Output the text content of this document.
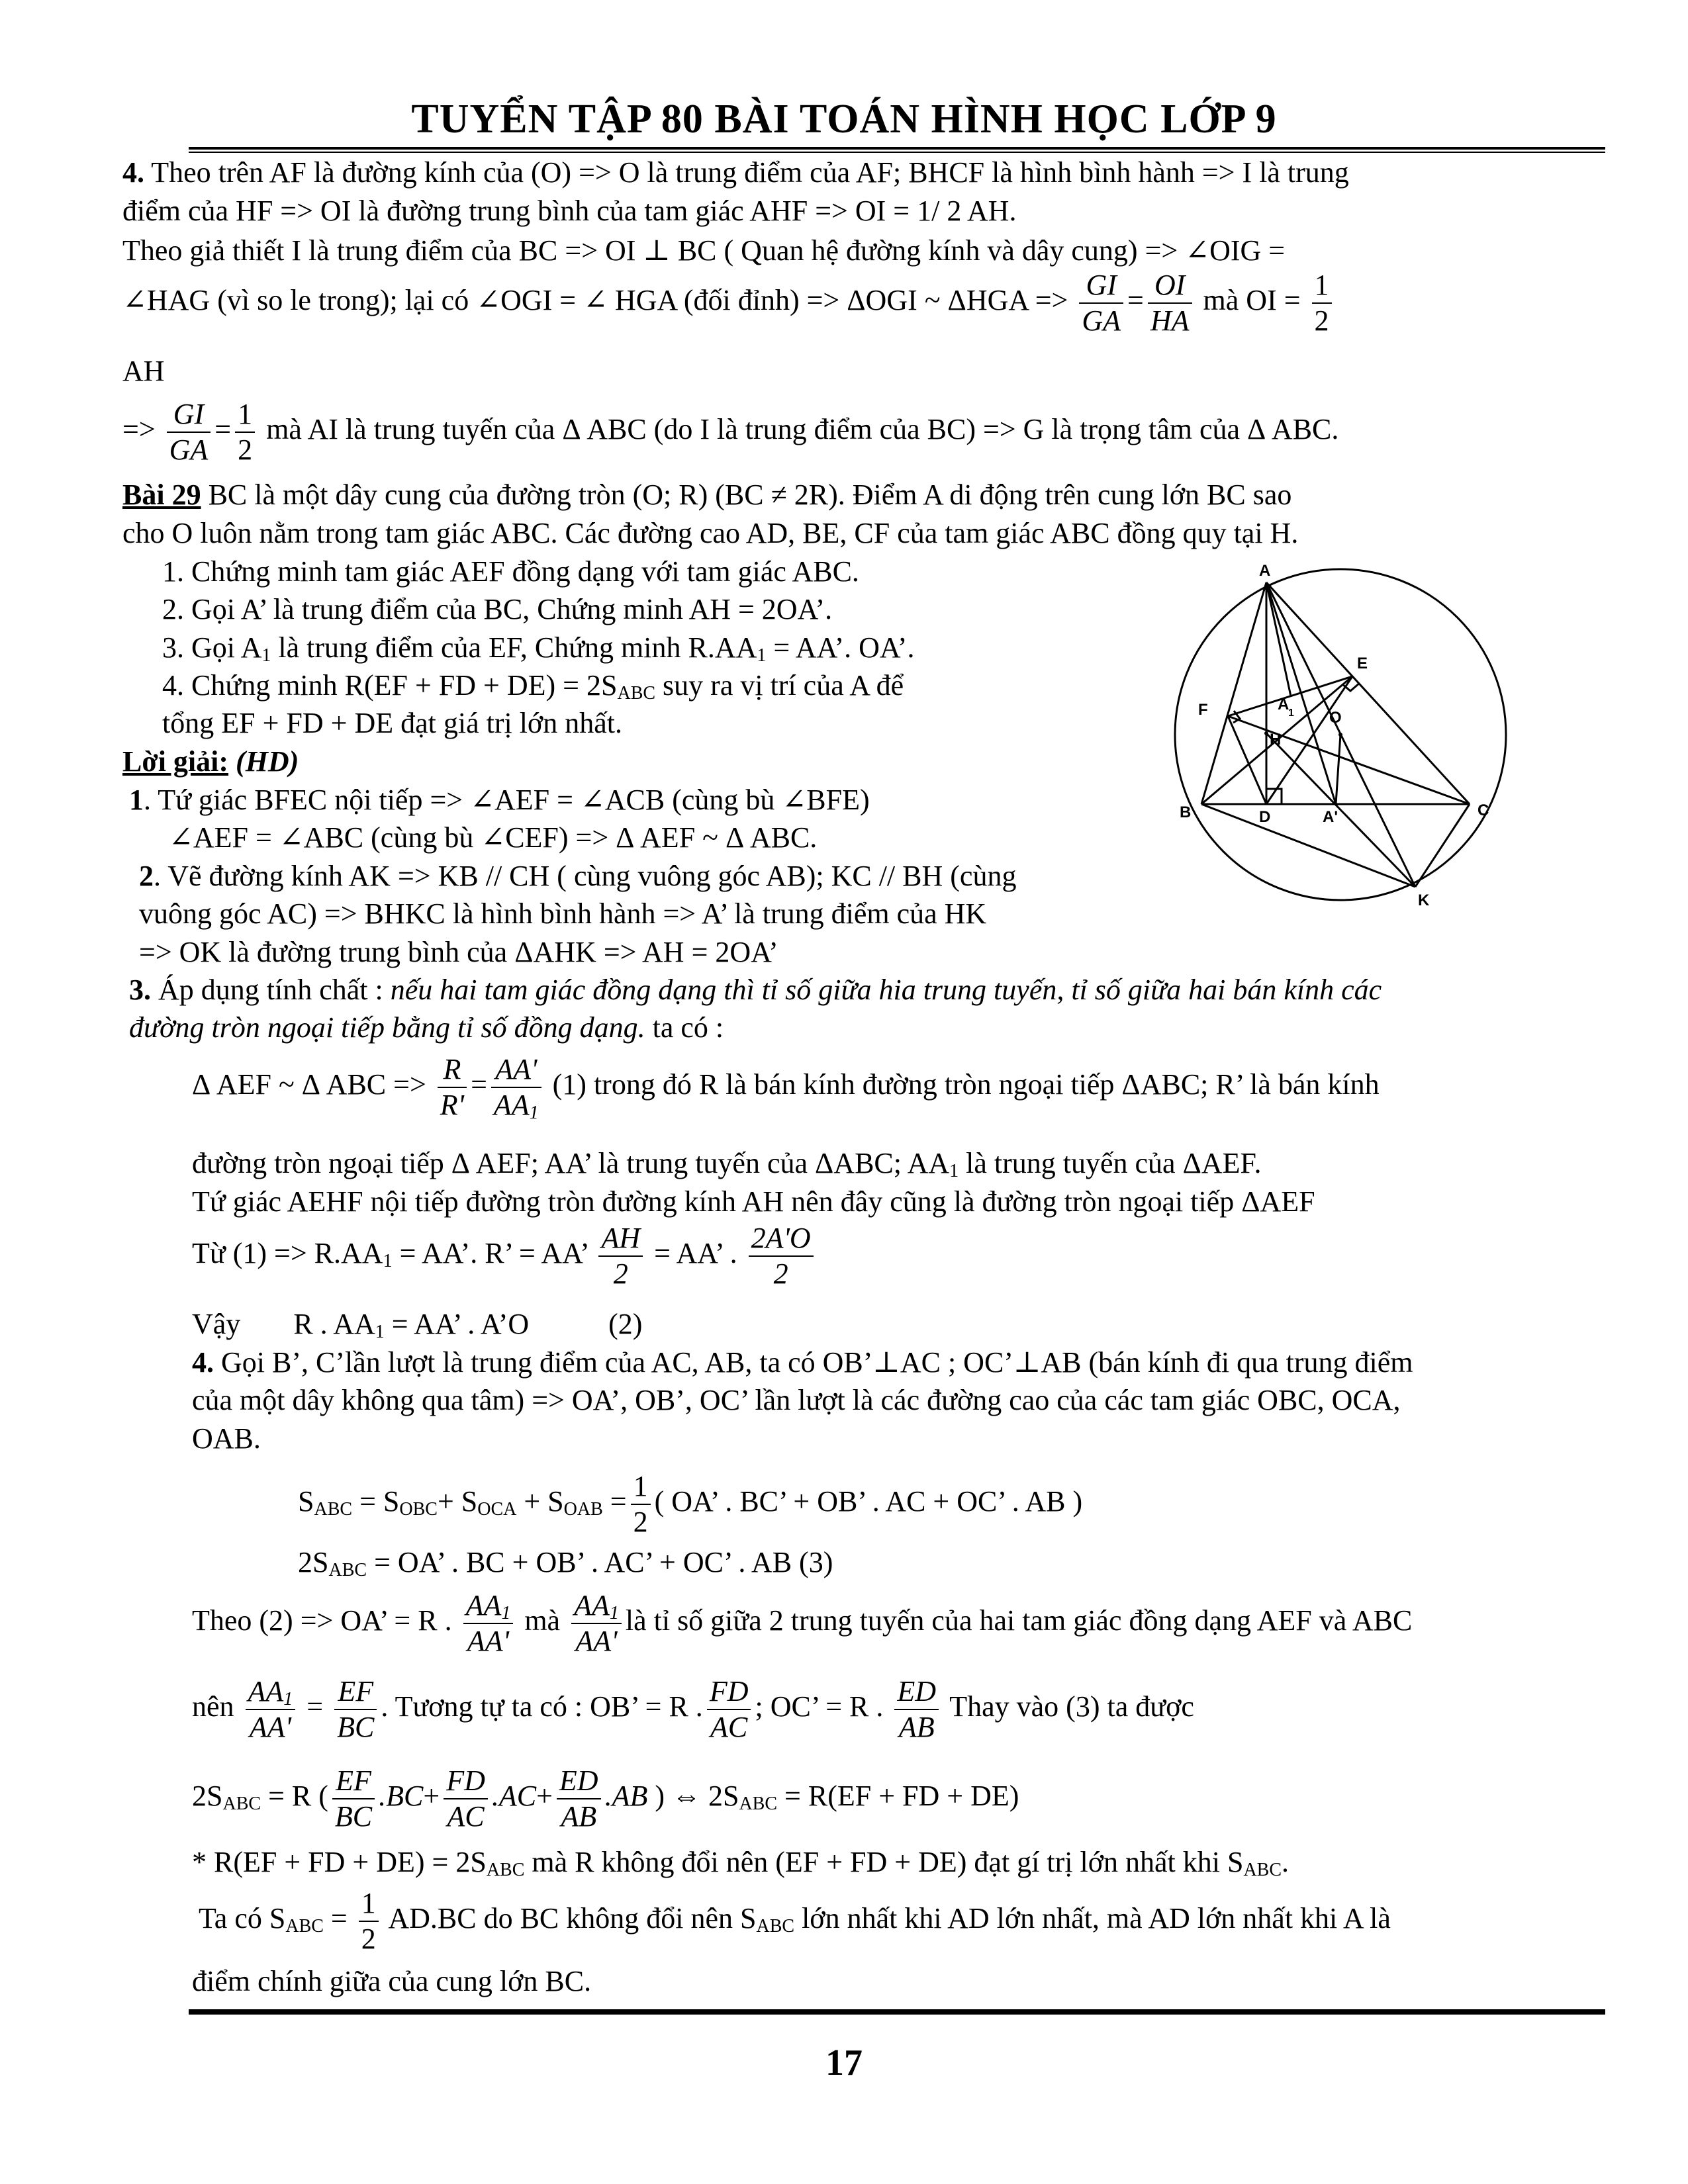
TUYỂN TẬP 80 BÀI TOÁN HÌNH HỌC LỚP 9
4. Theo trên AF là đường kính của (O) => O là trung điểm của AF; BHCF là hình bình hành => I là trung
điểm của HF => OI là đường trung bình của tam giác AHF => OI = 1/ 2 AH.
Theo giả thiết I là trung điểm của BC => OI ⊥ BC ( Quan hệ đường kính và dây cung) => ∠OIG =
∠HAG (vì so le trong); lại có ∠OGI = ∠ HGA (đối đỉnh) => ΔOGI ~ $\Delta HGA => \frac{GI}{GA} = \frac{OI}{HA}$ mà OI = $\frac{1}{2}$
AH
=> $\frac{GI}{GA} = \frac{1}{2}$ mà AI là trung tuyến của Δ ABC (do I là trung điểm của BC) => G là trọng tâm của Δ ABC.
Bài 29 BC là một dây cung của đường tròn (O; R) (BC ≠ 2R). Điểm A di động trên cung lớn BC sao
cho O luôn nằm trong tam giác ABC. Các đường cao AD, BE, CF của tam giác ABC đồng quy tại H.
1. Chứng minh tam giác AEF đồng dạng với tam giác ABC.
2. Gọi A’ là trung điểm của BC, Chứng minh AH = 2OA’.
3. Gọi $A_1$ là trung điểm của EF, Chứng minh $R.AA_1$ = AA’. OA’.
4. Chứng minh R(EF + FD + $DE) = 2S_{ABC}$ suy ra vị trí của A để
tổng EF + FD + DE đạt giá trị lớn nhất.
Lời giải: (HD)
1. Tứ giác BFEC nội tiếp => ∠AEF = ∠ACB (cùng bù ∠BFE)
∠AEF = ∠ABC (cùng bù ∠CEF) => Δ AEF ~ Δ ABC.
2. Vẽ đường kính AK => KB // CH ( cùng vuông góc AB); KC // BH (cùng
vuông góc AC) => BHKC là hình bình hành => A’ là trung điểm của HK
=> OK là đường trung bình của ΔAHK => AH = 2OA’
3. Áp dụng tính chất : nếu hai tam giác đồng dạng thì tỉ số giữa hia trung tuyến, tỉ số giữa hai bán kính các
đường tròn ngoại tiếp bằng tỉ số đồng dạng. ta có :
Δ AEF ~ Δ ABC => $\frac{R}{R'} = \frac{AA'}{AA_1} (1)$ trong đó R là bán kính đường tròn ngoại tiếp ΔABC; R’ là bán kính
đường tròn ngoại tiếp Δ AEF; AA’ là trung tuyến của ΔABC; $AA_1$ là trung tuyến của ΔAEF.
Tứ giác AEHF nội tiếp đường tròn đường kính AH nên đây cũng là đường tròn ngoại tiếp ΔAEF
Từ $(1) => R.AA_1$ = AA’. R’ = AA’ $\frac{AH}{2}$ = AA’ . $\frac{2A'O}{2}$
Vậy R . $AA_1$ = AA’ . A’O	(2)
4. Gọi B’, C’lần lượt là trung điểm của AC, AB, ta có OB’⊥AC ; OC’⊥AB (bán kính đi qua trung điểm
của một dây không qua tâm) => OA’, OB’, OC’ lần lượt là các đường cao của các tam giác OBC, OCA,
OAB.
$S_{ABC} = S_{OBC}+ S_{OCA} + S_{OAB} = \frac{1}{2}$ ( OA’ . BC’ + OB’ . AC + OC’ . AB )
$2S_{ABC}$ = OA’ . BC + OB’ . AC’ + OC’ . AB (3)
Theo (2) => OA’ = R . $\frac{AA_1}{AA'}$ mà $\frac{AA_1}{AA'}$ là tỉ số giữa 2 trung tuyến của hai tam giác đồng dạng AEF và ABC
nên $\frac{AA_1}{AA'} = \frac{EF}{BC}$ . Tương tự ta có : OB’ = R . $\frac{FD}{AC}$ ; OC’ = R . $\frac{ED}{AB}$ Thay vào (3) ta được
$2S_{ABC} = R$ ( $\frac{EF}{BC} .BC+ \frac{FD}{AC} .AC+ \frac{ED}{AB} .AB$ ) ⇔ $2S_{ABC} = R(EF$ + FD + DE)
* R(EF + FD + $DE) = 2S_{ABC}$ mà R không đổi nên (EF + FD + DE) đạt gí trị lớn nhất khi $S_{ABC}$.
Ta có $S_{ABC} = \frac{1}{2} AD.BC$ do BC không đổi nên $S_{ABC}$ lớn nhất khi AD lớn nhất, mà AD lớn nhất khi A là
điểm chính giữa của cung lớn BC.
17
A
B	C
D
E
F
H
O
K
A
1
A'
